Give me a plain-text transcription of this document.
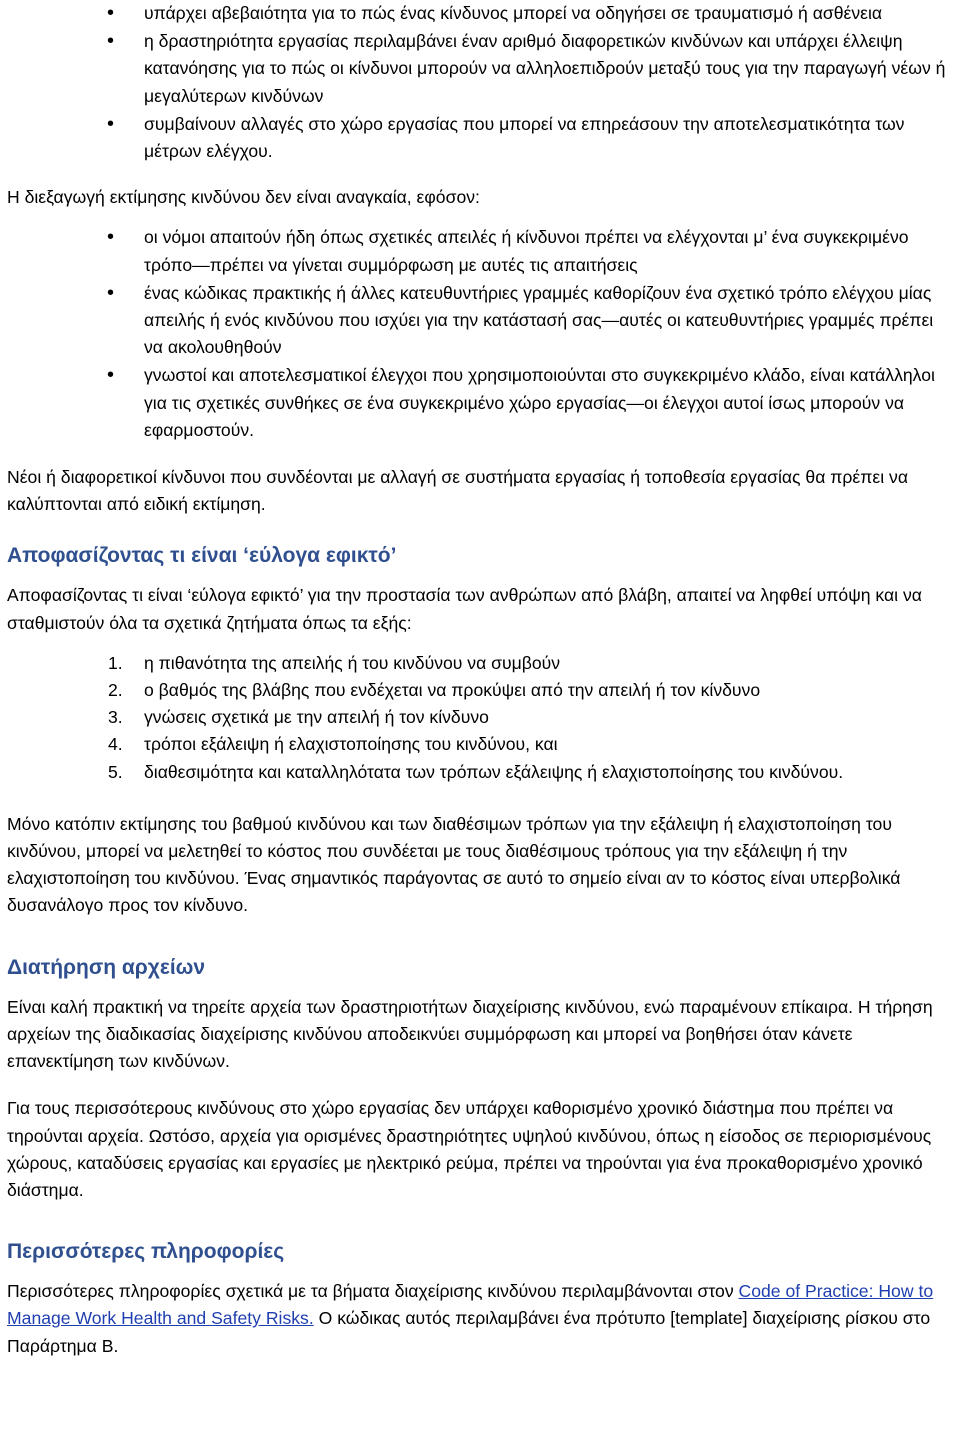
• υπάρχει αβεβαιότητα για το πώς ένας κίνδυνος μπορεί να οδηγήσει σε τραυματισμό ή ασθένεια
• η δραστηριότητα εργασίας περιλαμβάνει έναν αριθμό διαφορετικών κινδύνων και υπάρχει έλλειψη κατανόησης για το πώς οι κίνδυνοι μπορούν να αλληλοεπιδρούν μεταξύ τους για την παραγωγή νέων ή μεγαλύτερων κινδύνων
• συμβαίνουν αλλαγές στο χώρο εργασίας που μπορεί να επηρεάσουν την αποτελεσματικότητα των μέτρων ελέγχου.

Η διεξαγωγή εκτίμησης κινδύνου δεν είναι αναγκαία, εφόσον:

• οι νόμοι απαιτούν ήδη όπως σχετικές απειλές ή κίνδυνοι πρέπει να ελέγχονται μ’ ένα συγκεκριμένο τρόπο—πρέπει να γίνεται συμμόρφωση με αυτές τις απαιτήσεις
• ένας κώδικας πρακτικής ή άλλες κατευθυντήριες γραμμές καθορίζουν ένα σχετικό τρόπο ελέγχου μίας απειλής ή ενός κινδύνου που ισχύει για την κατάστασή σας—αυτές οι κατευθυντήριες γραμμές πρέπει να ακολουθηθούν
• γνωστοί και αποτελεσματικοί έλεγχοι που χρησιμοποιούνται στο συγκεκριμένο κλάδο, είναι κατάλληλοι για τις σχετικές συνθήκες σε ένα συγκεκριμένο χώρο εργασίας—οι έλεγχοι αυτοί ίσως μπορούν να εφαρμοστούν.

Νέοι ή διαφορετικοί κίνδυνοι που συνδέονται με αλλαγή σε συστήματα εργασίας ή τοποθεσία εργασίας θα πρέπει να καλύπτονται από ειδική εκτίμηση.

Αποφασίζοντας τι είναι ‘εύλογα εφικτό’

Αποφασίζοντας τι είναι ‘εύλογα εφικτό’ για την προστασία των ανθρώπων από βλάβη, απαιτεί να ληφθεί υπόψη και να σταθμιστούν όλα τα σχετικά ζητήματα όπως τα εξής:

1. η πιθανότητα της απειλής ή του κινδύνου να συμβούν
2. ο βαθμός της βλάβης που ενδέχεται να προκύψει από την απειλή ή τον κίνδυνο
3. γνώσεις σχετικά με την απειλή ή τον κίνδυνο
4. τρόποι εξάλειψη ή ελαχιστοποίησης του κινδύνου, και
5. διαθεσιμότητα και καταλληλότατα των τρόπων εξάλειψης ή ελαχιστοποίησης του κινδύνου.

Μόνο κατόπιν εκτίμησης του βαθμού κινδύνου και των διαθέσιμων τρόπων για την εξάλειψη ή ελαχιστοποίηση του κινδύνου, μπορεί να μελετηθεί το κόστος που συνδέεται με τους διαθέσιμους τρόπους για την εξάλειψη ή την ελαχιστοποίηση του κινδύνου. Ένας σημαντικός παράγοντας σε αυτό το σημείο είναι αν το κόστος είναι υπερβολικά δυσανάλογο προς τον κίνδυνο.

Διατήρηση αρχείων

Είναι καλή πρακτική να τηρείτε αρχεία των δραστηριοτήτων διαχείρισης κινδύνου, ενώ παραμένουν επίκαιρα. Η τήρηση αρχείων της διαδικασίας διαχείρισης κινδύνου αποδεικνύει συμμόρφωση και μπορεί να βοηθήσει όταν κάνετε επανεκτίμηση των κινδύνων.

Για τους περισσότερους κινδύνους στο χώρο εργασίας δεν υπάρχει καθορισμένο χρονικό διάστημα που πρέπει να τηρούνται αρχεία. Ωστόσο, αρχεία για ορισμένες δραστηριότητες υψηλού κινδύνου, όπως η είσοδος σε περιορισμένους χώρους, καταδύσεις εργασίας και εργασίες με ηλεκτρικό ρεύμα, πρέπει να τηρούνται για ένα προκαθορισμένο χρονικό διάστημα.

Περισσότερες πληροφορίες

Περισσότερες πληροφορίες σχετικά με τα βήματα διαχείρισης κινδύνου περιλαμβάνονται στον Code of Practice: How to Manage Work Health and Safety Risks. Ο κώδικας αυτός περιλαμβάνει ένα πρότυπο [template] διαχείρισης ρίσκου στο Παράρτημα Β.
